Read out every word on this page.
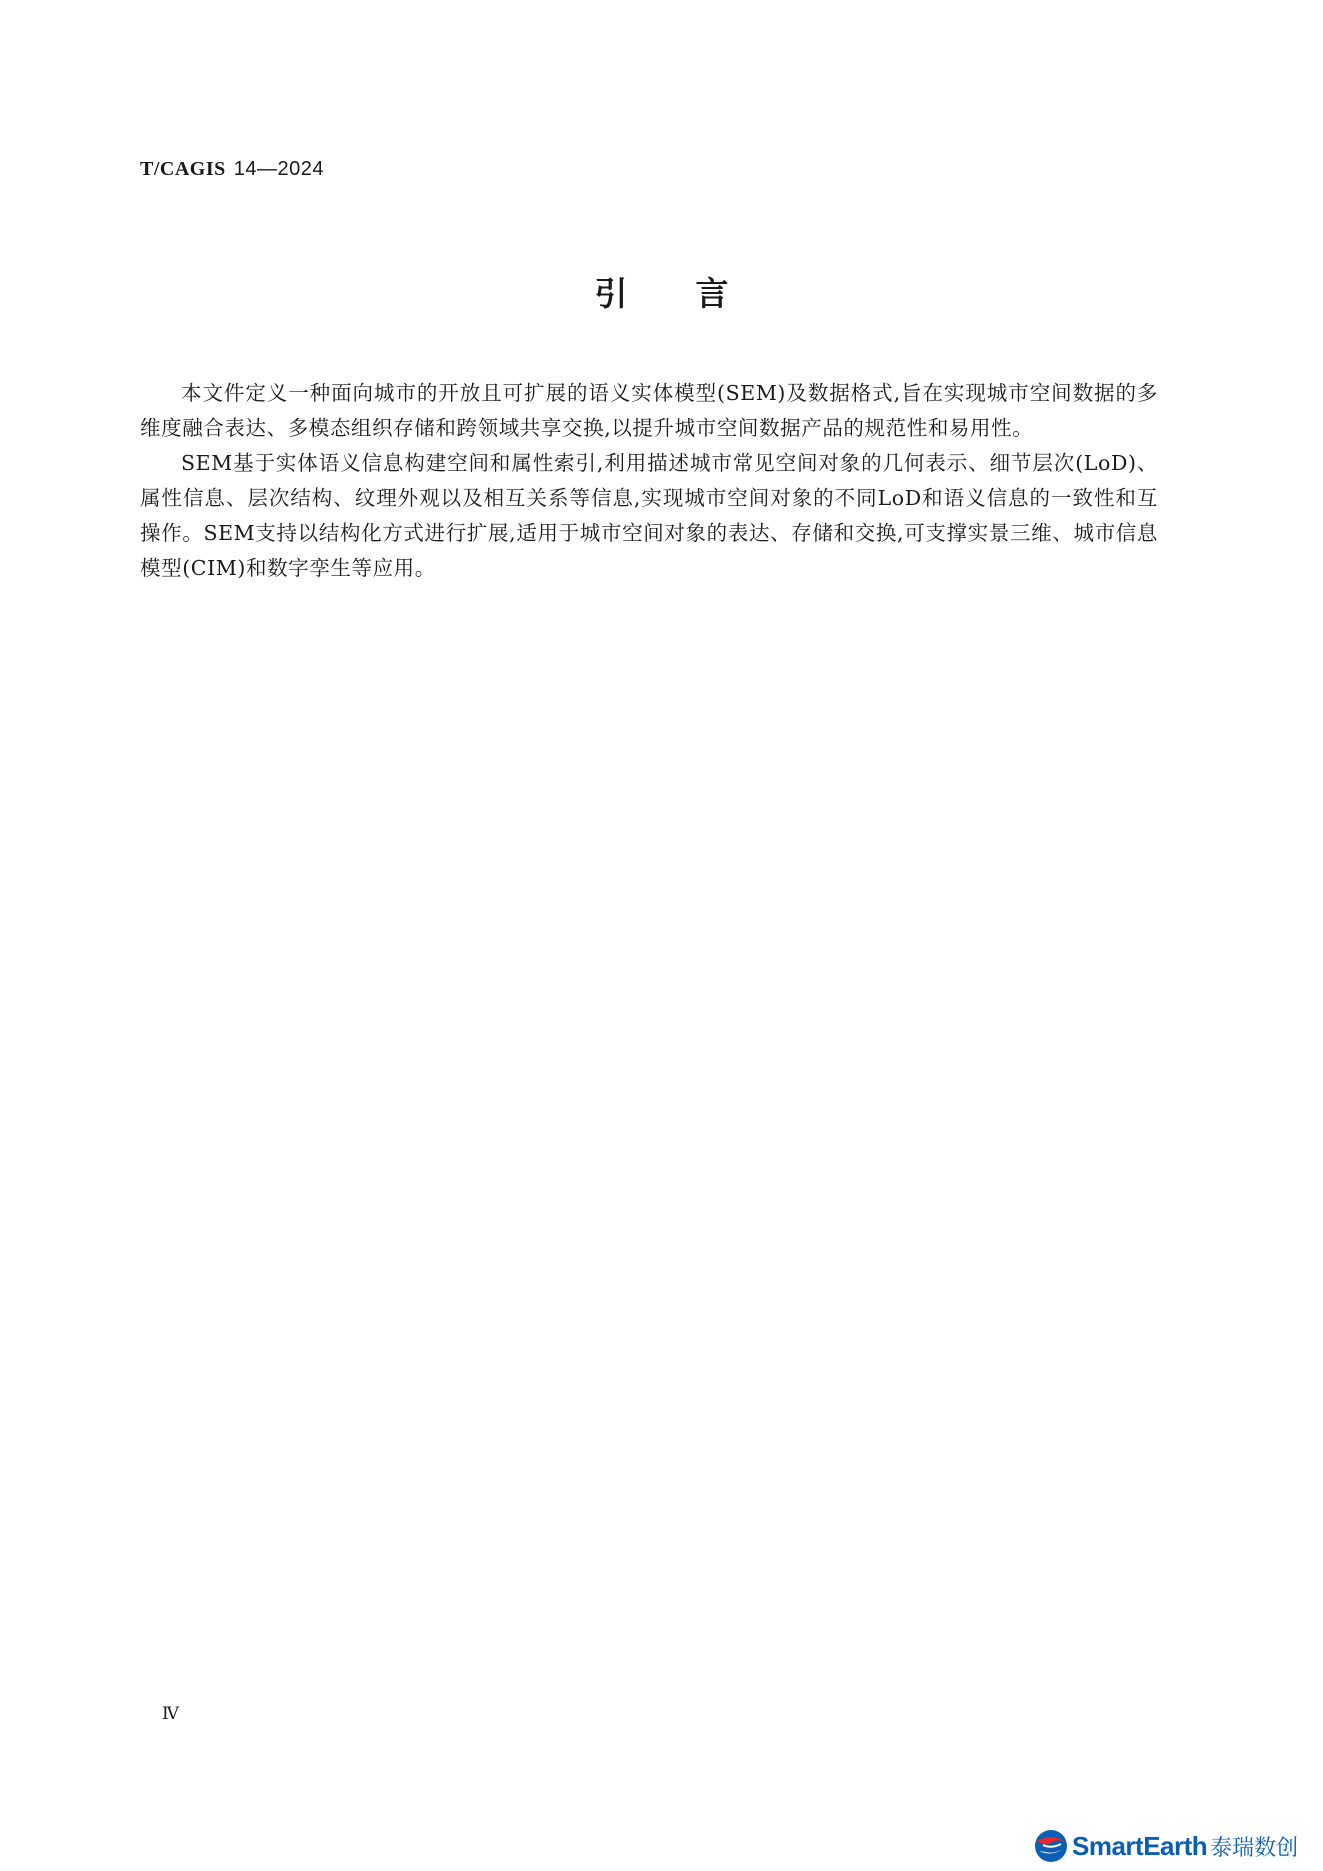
T/CAGIS 14—2024
引言

本文件定义一种面向城市的开放且可扩展的语义实体模型(SEM)及数据格式,旨在实现城市空间数据的多维度融合表达、多模态组织存储和跨领域共享交换,以提升城市空间数据产品的规范性和易用性。

SEM基于实体语义信息构建空间和属性索引,利用描述城市常见空间对象的几何表示、细节层次(LoD)、属性信息、层次结构、纹理外观以及相互关系等信息,实现城市空间对象的不同LoD和语义信息的一致性和互操作。SEM支持以结构化方式进行扩展,适用于城市空间对象的表达、存储和交换,可支撑实景三维、城市信息模型(CIM)和数字孪生等应用。

Ⅳ
SmartEarth 泰瑞数创
